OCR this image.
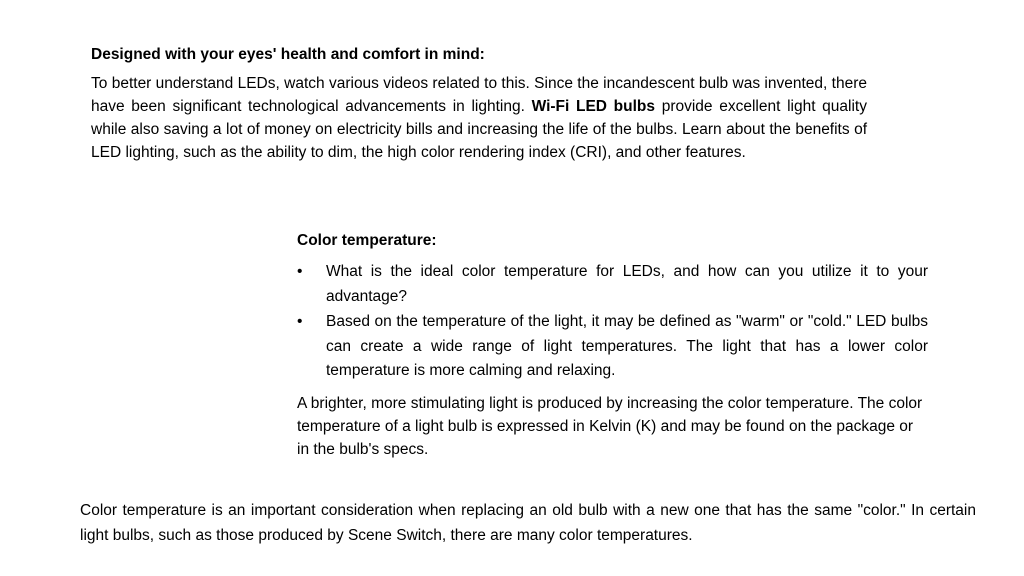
Designed with your eyes' health and comfort in mind:

To better understand LEDs, watch various videos related to this. Since the incandescent bulb was invented, there have been significant technological advancements in lighting. Wi-Fi LED bulbs provide excellent light quality while also saving a lot of money on electricity bills and increasing the life of the bulbs. Learn about the benefits of LED lighting, such as the ability to dim, the high color rendering index (CRI), and other features.

Color temperature:

• What is the ideal color temperature for LEDs, and how can you utilize it to your advantage?
• Based on the temperature of the light, it may be defined as "warm" or "cold." LED bulbs can create a wide range of light temperatures. The light that has a lower color temperature is more calming and relaxing.

A brighter, more stimulating light is produced by increasing the color temperature. The color temperature of a light bulb is expressed in Kelvin (K) and may be found on the package or in the bulb's specs.

Color temperature is an important consideration when replacing an old bulb with a new one that has the same "color." In certain light bulbs, such as those produced by Scene Switch, there are many color temperatures.
